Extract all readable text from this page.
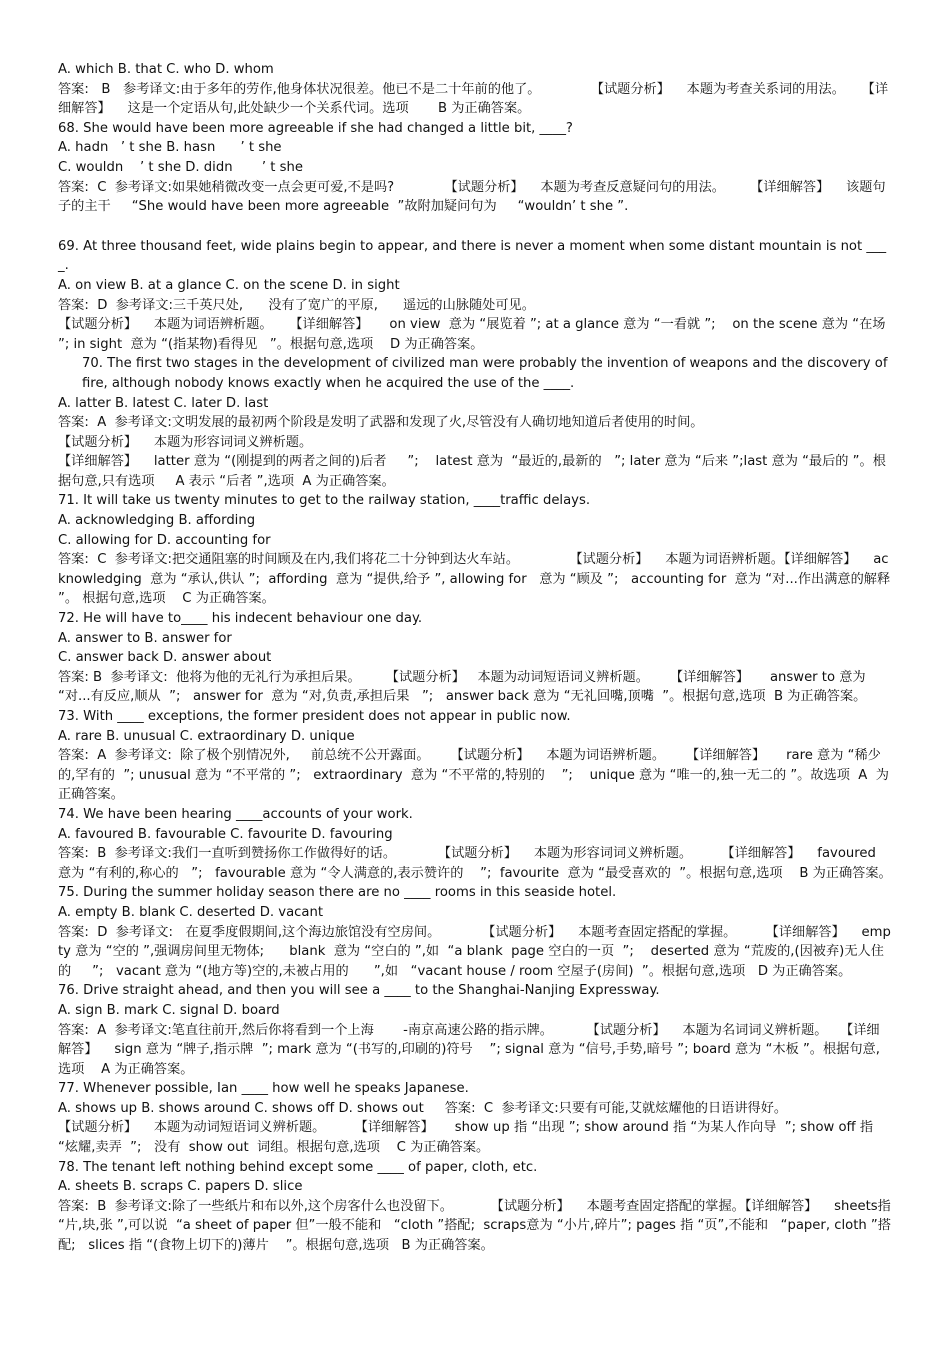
A. which B. that C. who D. whom
答案:   B   参考译文:由于多年的劳作,他身体状况很差。他已不是二十年前的他了。            【试题分析】    本题为考查关系词的用法。    【详细解答】    这是一个定语从句,此处缺少一个关系代词。选项       B 为正确答案。
68. She would have been more agreeable if she had changed a little bit, ____?
A. hadn   ’ t she B. hasn      ’ t she
C. wouldn    ’ t she D. didn       ’ t she
答案:  C  参考译文:如果她稍微改变一点会更可爱,不是吗?            【试题分析】    本题为考查反意疑问句的用法。      【详细解答】    该题句子的主干     “She would have been more agreeable  ”故附加疑问句为     “wouldn’ t she ”.
69. At three thousand feet, wide plains begin to appear, and there is never a moment when some distant mountain is not ____.
A. on view B. at a glance C. on the scene D. in sight
答案:  D  参考译文:三千英尺处,      没有了宽广的平原,      遥远的山脉随处可见。
【试题分析】    本题为词语辨析题。    【详细解答】     on view  意为 “展览着 ”; at a glance 意为 “一看就 ”;    on the scene 意为 “在场 ”; in sight  意为 “(指某物)看得见   ”。根据句意,选项    D 为正确答案。
70. The first two stages in the development of civilized man were probably the invention of weapons and the discovery of fire, although nobody knows exactly when he acquired the use of the ____.
A. latter B. latest C. later D. last
答案:  A  参考译文:文明发展的最初两个阶段是发明了武器和发现了火,尽管没有人确切地知道后者使用的时间。
【试题分析】    本题为形容词词义辨析题。
【详细解答】    latter 意为 “(刚提到的两者之间的)后者     ”;    latest 意为  “最近的,最新的   ”; later 意为 “后来 ”;last 意为 “最后的 ”。根据句意,只有选项     A 表示 “后者 ”,选项  A 为正确答案。
71. It will take us twenty minutes to get to the railway station, ____traffic delays.
A. acknowledging B. affording
C. allowing for D. accounting for
答案:  C  参考译文:把交通阻塞的时间顾及在内,我们将花二十分钟到达火车站。            【试题分析】    本题为词语辨析题。【详细解答】    acknowledging  意为 “承认,供认 ”;  affording  意为 “提供,给予 ”, allowing for   意为 “顾及 ”;   accounting for  意为 “对...作出满意的解释   ”。 根据句意,选项    C 为正确答案。
72. He will have to____ his indecent behaviour one day.
A. answer to B. answer for
C. answer back D. answer about
答案: B  参考译文:  他将为他的无礼行为承担后果。      【试题分析】   本题为动词短语词义辨析题。     【详细解答】     answer to 意为 “对...有反应,顺从  ”;   answer for  意为 “对,负责,承担后果   ”;   answer back 意为 “无礼回嘴,顶嘴  ”。根据句意,选项  B 为正确答案。
73. With ____ exceptions, the former president does not appear in public now.
A. rare B. unusual C. extraordinary D. unique
答案:  A  参考译文:  除了极个别情况外,     前总统不公开露面。     【试题分析】    本题为词语辨析题。     【详细解答】     rare 意为 “稀少的,罕有的  ”; unusual 意为 “不平常的 ”;   extraordinary  意为 “不平常的,特别的    ”;    unique 意为 “唯一的,独一无二的 ”。故选项  A  为正确答案。
74. We have been hearing ____accounts of your work.
A. favoured B. favourable C. favourite D. favouring
答案:  B  参考译文:我们一直听到赞扬你工作做得好的话。          【试题分析】    本题为形容词词义辨析题。       【详细解答】    favoured 意为 “有利的,称心的   ”;   favourable 意为 “令人满意的,表示赞许的    ”;  favourite  意为 “最受喜欢的  ”。根据句意,选项    B 为正确答案。
75. During the summer holiday season there are no ____ rooms in this seaside hotel.
A. empty B. blank C. deserted D. vacant
答案:  D  参考译文:   在夏季度假期间,这个海边旅馆没有空房间。          【试题分析】    本题考查固定搭配的掌握。       【详细解答】    empty 意为 “空的 ”,强调房间里无物体;      blank  意为 “空白的 ”,如  “a blank  page 空白的一页  ”;    deserted 意为 “荒废的,(因被弃)无人住的     ”;   vacant 意为 “(地方等)空的,未被占用的      ”,如   “vacant house / room 空屋子(房间)  ”。根据句意,选项   D 为正确答案。
76. Drive straight ahead, and then you will see a ____ to the Shanghai-Nanjing Expressway.
A. sign B. mark C. signal D. board
答案:  A  参考译文:笔直往前开,然后你将看到一个上海       -南京高速公路的指示牌。        【试题分析】    本题为名词词义辨析题。   【详细解答】    sign 意为 “牌子,指示牌  ”; mark 意为 “(书写的,印刷的)符号    ”; signal 意为 “信号,手势,暗号 ”; board 意为 “木板 ”。根据句意,选项    A 为正确答案。
77. Whenever possible, Ian ____ how well he speaks Japanese.
A. shows up B. shows around C. shows off D. shows out     答案:  C  参考译文:只要有可能,艾就炫耀他的日语讲得好。
【试题分析】    本题为动词短语词义辨析题。       【详细解答】     show up 指 “出现 ”; show around 指 “为某人作向导  ”; show off 指 “炫耀,卖弄  ”;   没有  show out  词组。根据句意,选项    C 为正确答案。
78. The tenant left nothing behind except some ____ of paper, cloth, etc.
A. sheets B. scraps C. papers D. slice
答案:  B  参考译文:除了一些纸片和布以外,这个房客什么也没留下。         【试题分析】    本题考查固定搭配的掌握。【详细解答】    sheets指 “片,块,张 ”,可以说  “a sheet of paper 但”一般不能和   “cloth ”搭配;  scraps意为 “小片,碎片”; pages 指 “页”,不能和   “paper, cloth ”搭配;   slices 指 “(食物上切下的)薄片    ”。根据句意,选项   B 为正确答案。
